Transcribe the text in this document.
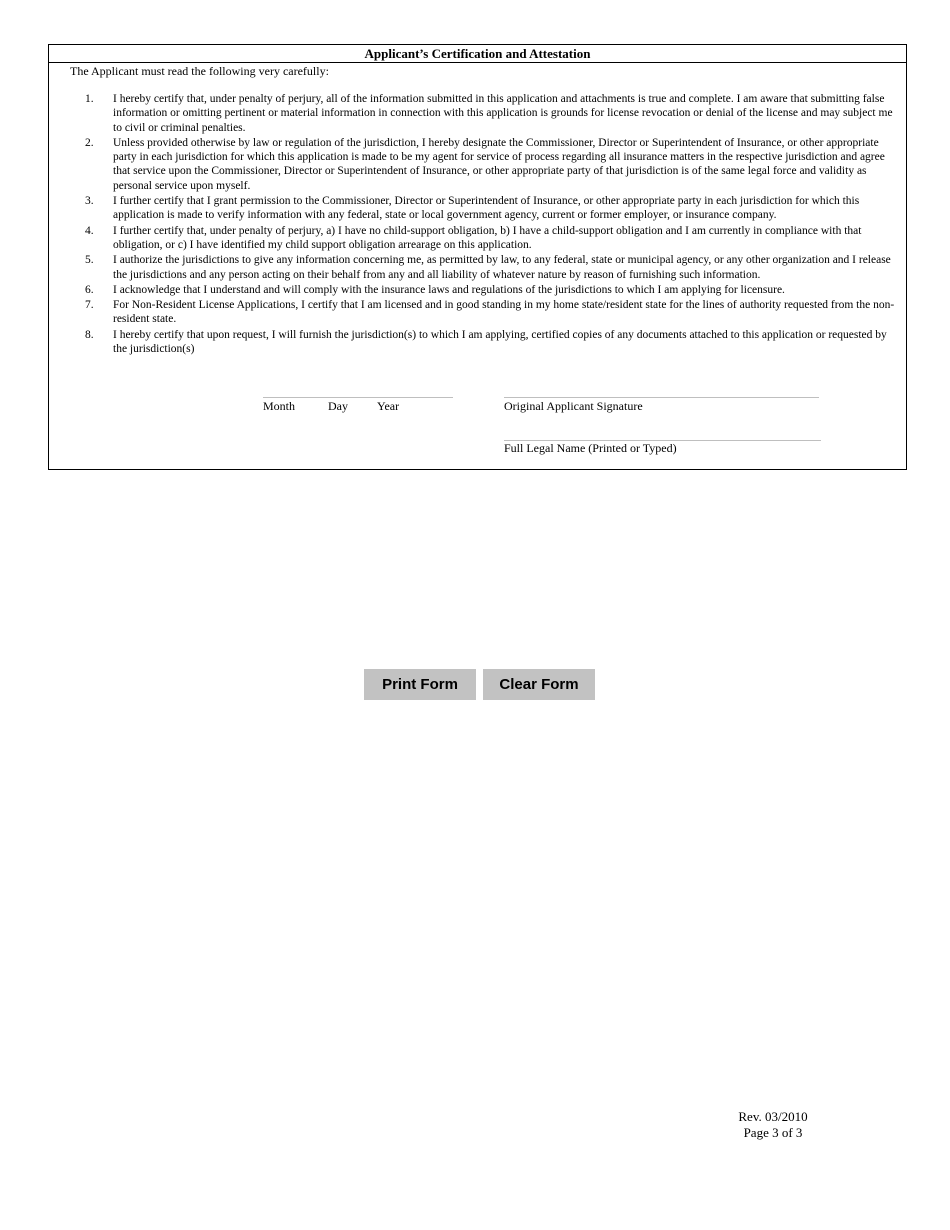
Applicant’s Certification and Attestation
The Applicant must read the following very carefully:
1. I hereby certify that, under penalty of perjury, all of the information submitted in this application and attachments is true and complete. I am aware that submitting false information or omitting pertinent or material information in connection with this application is grounds for license revocation or denial of the license and may subject me to civil or criminal penalties.
2. Unless provided otherwise by law or regulation of the jurisdiction, I hereby designate the Commissioner, Director or Superintendent of Insurance, or other appropriate party in each jurisdiction for which this application is made to be my agent for service of process regarding all insurance matters in the respective jurisdiction and agree that service upon the Commissioner, Director or Superintendent of Insurance, or other appropriate party of that jurisdiction is of the same legal force and validity as personal service upon myself.
3. I further certify that I grant permission to the Commissioner, Director or Superintendent of Insurance, or other appropriate party in each jurisdiction for which this application is made to verify information with any federal, state or local government agency, current or former employer, or insurance company.
4. I further certify that, under penalty of perjury, a) I have no child-support obligation, b) I have a child-support obligation and I am currently in compliance with that obligation, or c) I have identified my child support obligation arrearage on this application.
5. I authorize the jurisdictions to give any information concerning me, as permitted by law, to any federal, state or municipal agency, or any other organization and I release the jurisdictions and any person acting on their behalf from any and all liability of whatever nature by reason of furnishing such information.
6. I acknowledge that I understand and will comply with the insurance laws and regulations of the jurisdictions to which I am applying for licensure.
7. For Non-Resident License Applications, I certify that I am licensed and in good standing in my home state/resident state for the lines of authority requested from the non-resident state.
8. I hereby certify that upon request, I will furnish the jurisdiction(s) to which I am applying, certified copies of any documents attached to this application or requested by the jurisdiction(s)
Month	Day Year	Original Applicant Signature
Full Legal Name (Printed or Typed)
Print Form	Clear Form
Rev. 03/2010
Page 3 of 3
